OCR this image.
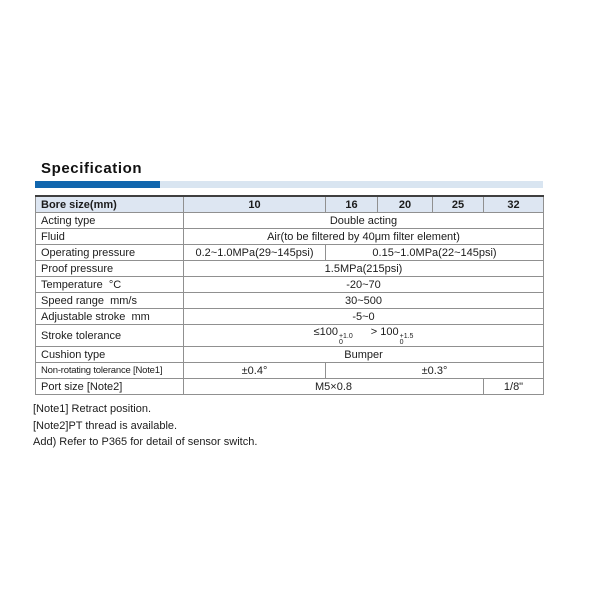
Specification
Bore size(mm)	10	16	20	25	32
Acting type	Double acting				
Fluid	Air(to be filtered by 40μm filter element)				
Operating pressure	0.2~1.0MPa(29~145psi)	0.15~1.0MPa(22~145psi)			
Proof pressure	1.5MPa(215psi)				
Temperature  °C	-20~70				
Speed range  mm/s	30~500				
Adjustable stroke  mm	-5~0				
Stroke tolerance	≤100 +1.0
0
> 100 +1.5
0

Cushion type	Bumper				
Non-rotating tolerance [Note1]	±0.4°	±0.3°			
Port size [Note2]	M5×0.8				1/8"
[Note1] Retract position.
[Note2]PT thread is available.
Add) Refer to P365 for detail of sensor switch.
